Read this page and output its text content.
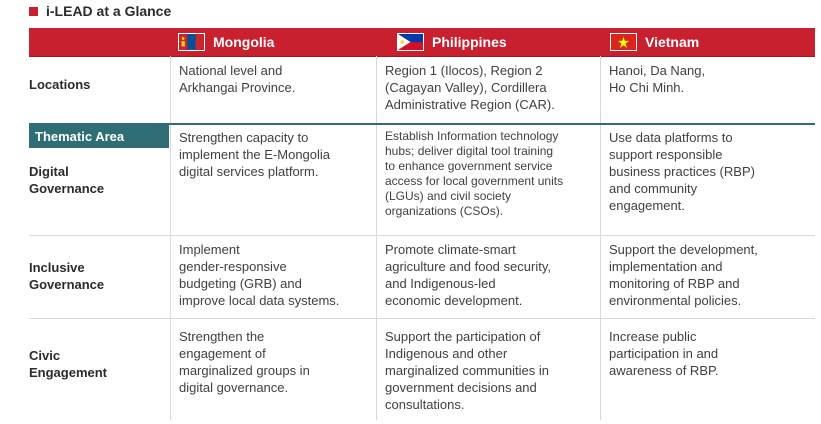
i-LEAD at a Glance
Mongolia	Philippines	Vietnam
Locations
National level and
Arkhangai Province.
Region 1 (Ilocos), Region 2
(Cagayan Valley), Cordillera
Administrative Region (CAR).
Hanoi, Da Nang,
Ho Chi Minh.
Thematic Area
Digital
Governance
Strengthen capacity to
implement the E-Mongolia
digital services platform.
Establish Information technology
hubs; deliver digital tool training
to enhance government service
access for local government units
(LGUs) and civil society
organizations (CSOs).
Use data platforms to
support responsible
business practices (RBP)
and community
engagement.
Inclusive
Governance
Implement
gender-responsive
budgeting (GRB) and
improve local data systems.
Promote climate-smart
agriculture and food security,
and Indigenous-led
economic development.
Support the development,
implementation and
monitoring of RBP and
environmental policies.
Civic
Engagement
Strengthen the
engagement of
marginalized groups in
digital governance.
Support the participation of
Indigenous and other
marginalized communities in
government decisions and
consultations.
Increase public
participation in and
awareness of RBP.
